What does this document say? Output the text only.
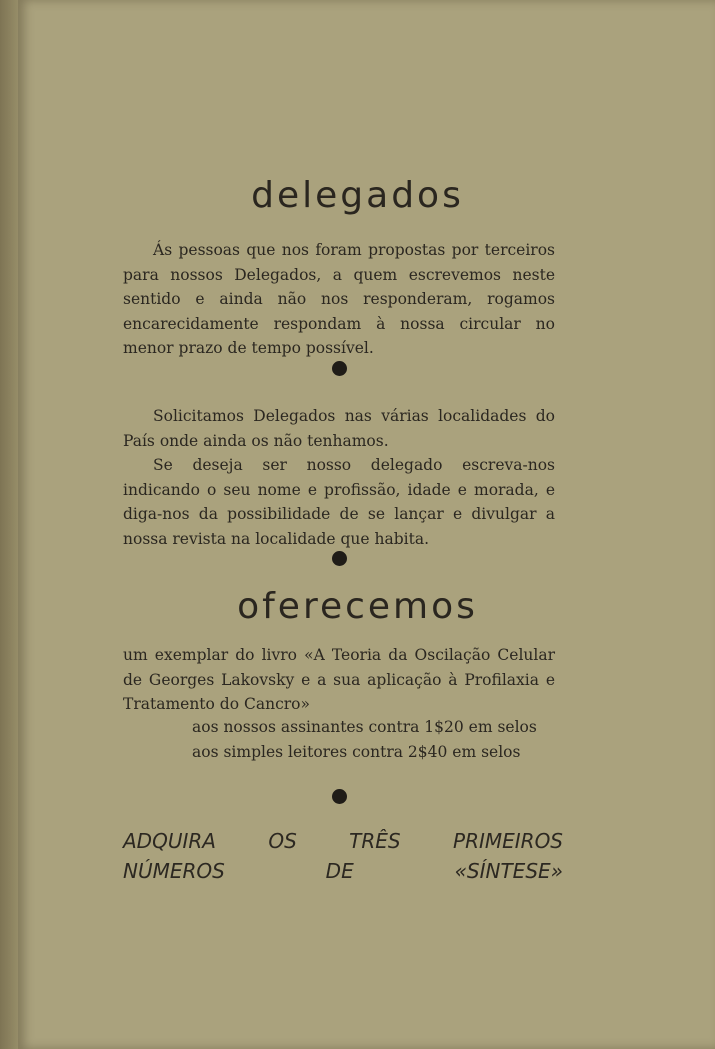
delegados

Ás pessoas que nos foram propostas por terceiros para nossos Delegados, a quem escrevemos neste sentido e ainda não nos responderam, rogamos encarecidamente respondam à nossa circular no menor prazo de tempo possível.

Solicitamos Delegados nas várias localidades do País onde ainda os não tenhamos.

Se deseja ser nosso delegado escreva-nos indicando o seu nome e profissão, idade e morada, e diga-nos da possibilidade de se lançar e divulgar a nossa revista na localidade que habita.

oferecemos

um exemplar do livro «A Teoria da Oscilação Celular de Georges Lakovsky e a sua aplicação à Profilaxia e Tratamento do Cancro»

aos nossos assinantes contra 1$20 em selos

aos simples leitores contra 2$40 em selos

ADQUIRA OS TRÊS PRIMEIROS

NÚMEROS DE «SÍNTESE»
